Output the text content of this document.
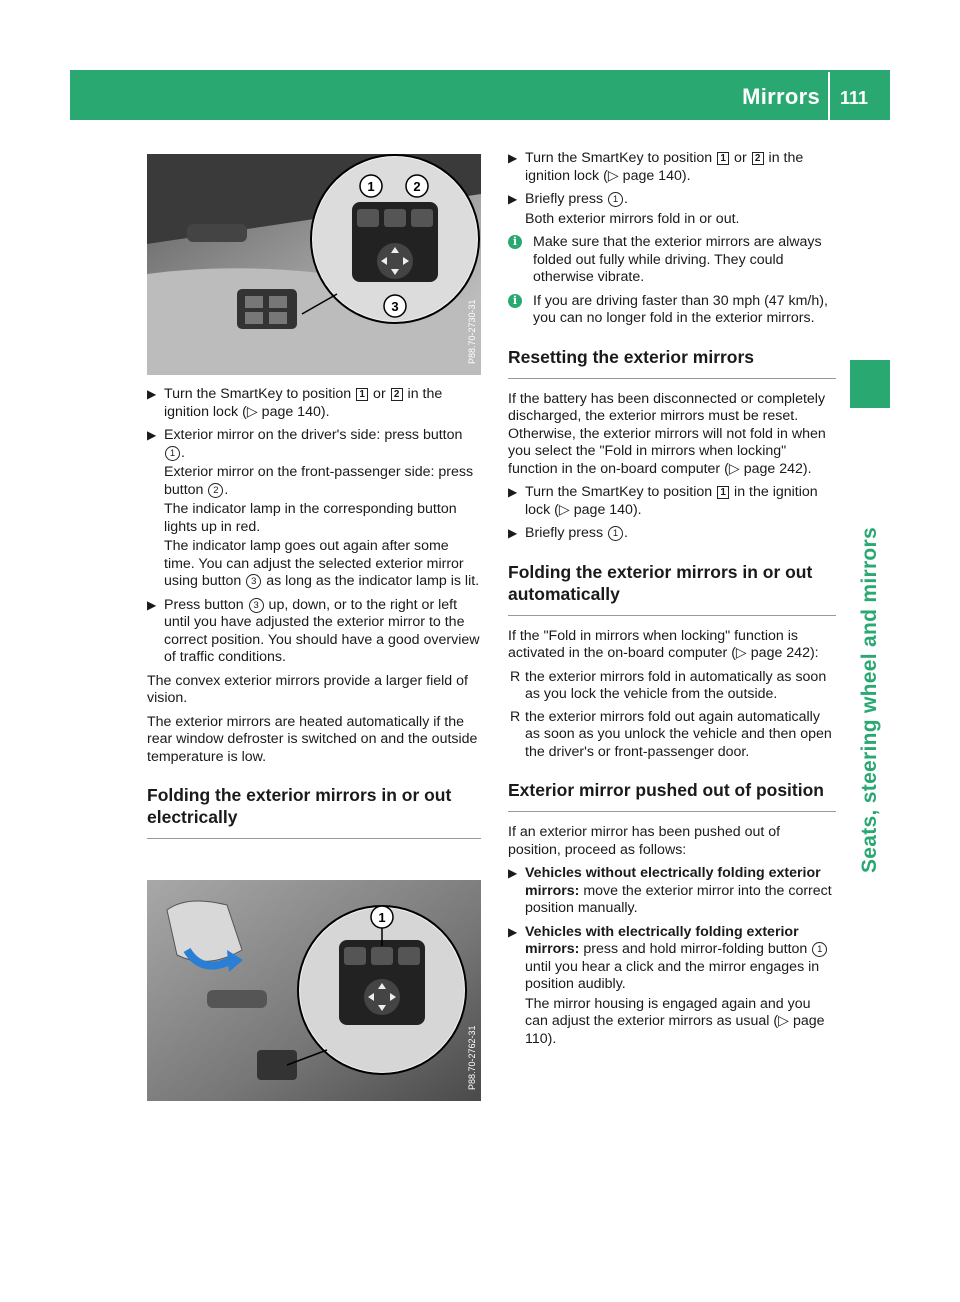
Mirrors 111
Seats, steering wheel and mirrors
1	2
3	P88.70-2730-31
1
P88.70-2762-31
▶ Turn the SmartKey to position 1 or 2 in the ignition lock (▷ page 140).
▶ Exterior mirror on the driver's side: press button 1 .
Exterior mirror on the front-passenger side: press button 2 .
The indicator lamp in the corresponding button lights up in red.
The indicator lamp goes out again after some time. You can adjust the selected exterior mirror using button 3 as long as the indicator lamp is lit.
▶ Press button 3 up, down, or to the right or left until you have adjusted the exterior mirror to the correct position. You should have a good overview of traffic conditions.

The convex exterior mirrors provide a larger field of vision.

The exterior mirrors are heated automatically if the rear window defroster is switched on and the outside temperature is low.

Folding the exterior mirrors in or out electrically
▶ Turn the SmartKey to position 1 or 2 in the ignition lock (▷ page 140).
▶ Briefly press 1 .
Both exterior mirrors fold in or out.
i	Make sure that the exterior mirrors are always folded out fully while driving. They could otherwise vibrate.
i	If you are driving faster than 30 mph (47 km/h), you can no longer fold in the exterior mirrors.
Resetting the exterior mirrors

If the battery has been disconnected or completely discharged, the exterior mirrors must be reset. Otherwise, the exterior mirrors will not fold in when you select the "Fold in mirrors when locking" function in the on-board computer (▷ page 242).

▶ Turn the SmartKey to position 1 in the ignition lock (▷ page 140).
▶ Briefly press 1 .
Folding the exterior mirrors in or out automatically

If the "Fold in mirrors when locking" function is activated in the on-board computer (▷ page 242):

R the exterior mirrors fold in automatically as soon as you lock the vehicle from the outside.
R the exterior mirrors fold out again automatically as soon as you unlock the vehicle and then open the driver's or front-passenger door.
Exterior mirror pushed out of position

If an exterior mirror has been pushed out of position, proceed as follows:

▶ Vehicles without electrically folding exterior mirrors: move the exterior mirror into the correct position manually.
▶ Vehicles with electrically folding exterior mirrors: press and hold mirror-folding button 1 until you hear a click and the mirror engages in position audibly.
The mirror housing is engaged again and you can adjust the exterior mirrors as usual (▷ page 110).
